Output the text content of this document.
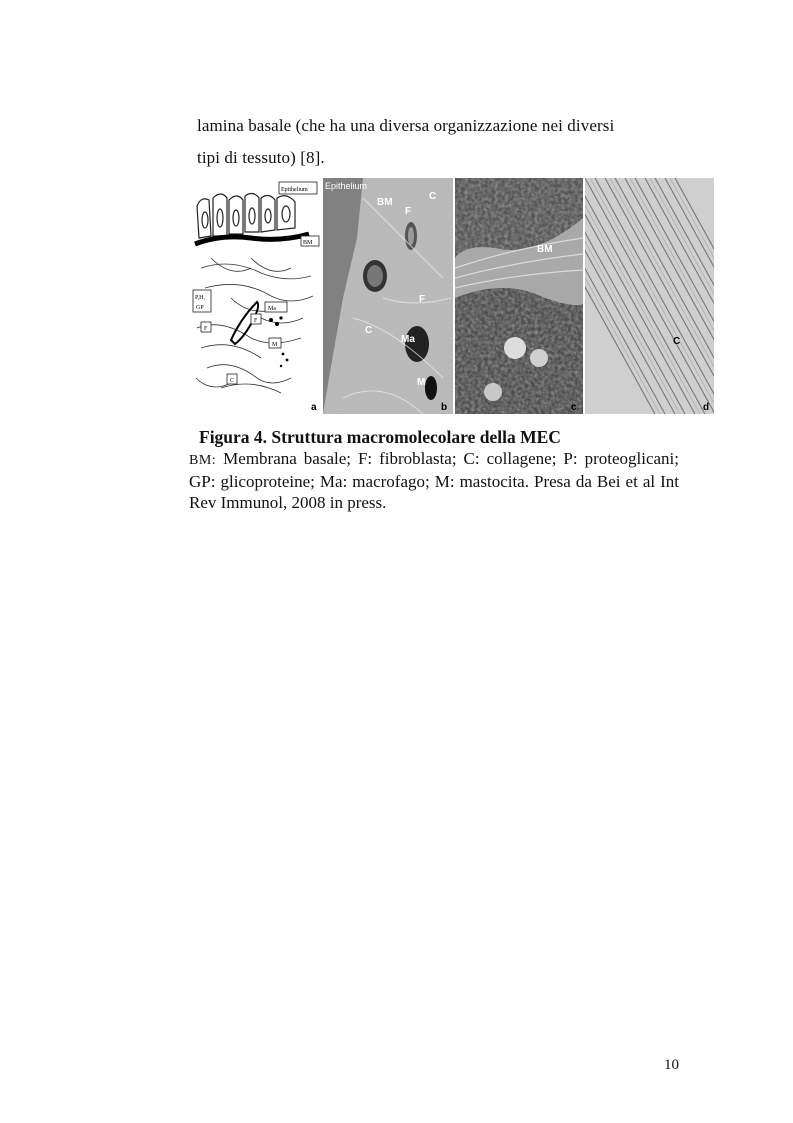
lamina basale (che ha una diversa organizzazione nei diversi
tipi di tessuto) [8].
Epithelium
BM
P,H,
GP
F
Ma
M
F
C
a
Epithelium
BM
C
F
F
C
Ma
M
b
BM
c
C
d
Figura 4. Struttura macromolecolare della MEC

BM: Membrana basale; F: fibroblasta; C: collagene; P: proteoglicani; GP: glicoproteine; Ma: macrofago; M: mastocita. Presa da Bei et al Int Rev Immunol, 2008 in press.

10
